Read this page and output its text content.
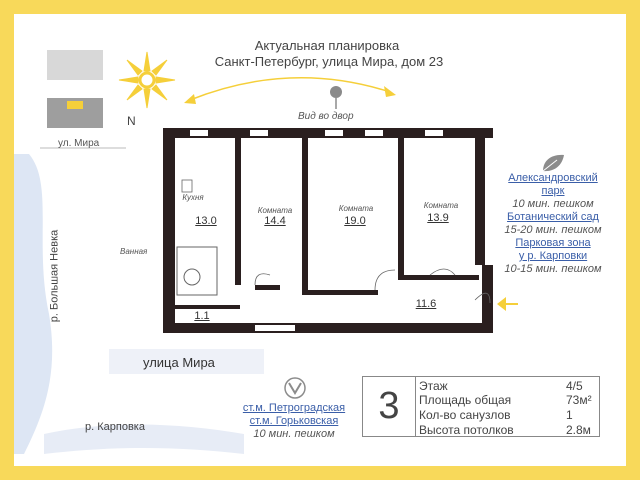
ул. Мира
N
Актуальная планировка
Санкт-Петербург, улица Мира, дом 23
Вид во двор
Кухня
13.0
Комната
14.4
Комната
19.0
Комната
13.9
11.6
1.1
Ванная
р. Большая Невка
улица Мира
р. Карповка
Александровский
парк
10 мин. пешком
Ботанический сад
15-20 мин. пешком
Парковая зона
у р. Карповки
10-15 мин. пешком
ст.м. Петроградская
ст.м. Горьковская
10 мин. пешком
3	Этаж	4/5
Площадь общая	73м²
Кол-во санузлов	1
Высота потолков	2.8м
